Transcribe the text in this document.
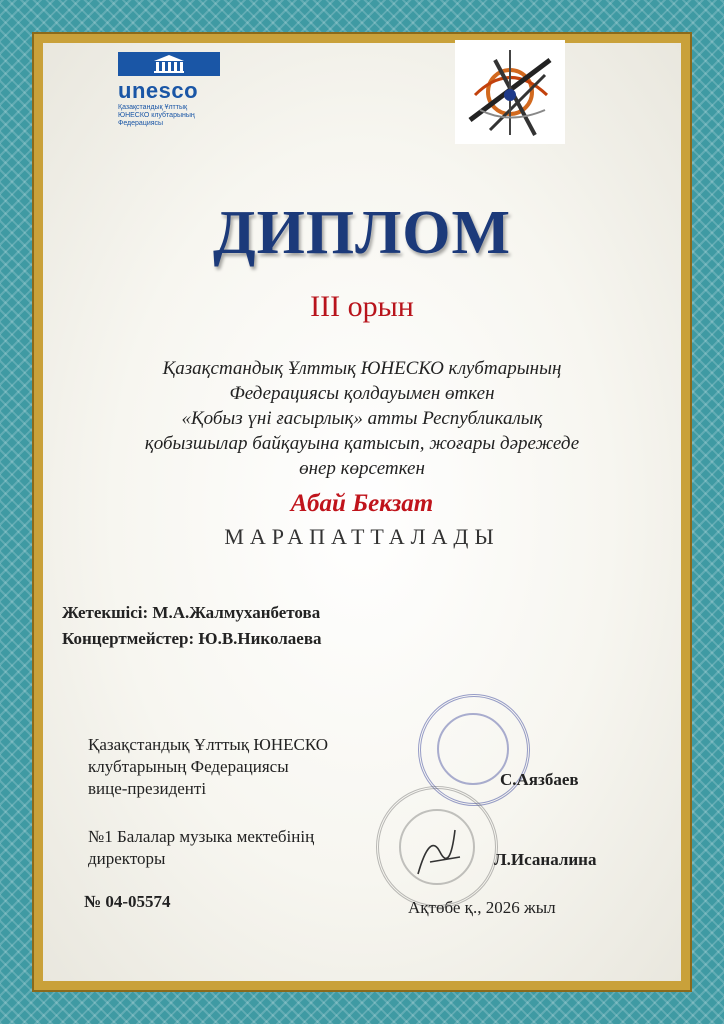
unesco
Қазақстандық Ұлттық
ЮНЕСКО клубтарының
Федерациясы
ДИПЛОМ
ІІІ орын
Қазақстандық Ұлттық ЮНЕСКО клубтарының
Федерациясы қолдауымен өткен
«Қобыз үні ғасырлық» атты Республикалық
қобызшылар байқауына қатысып, жоғары дәрежеде
өнер көрсеткен
Абай Бекзат
МАРАПАТТАЛАДЫ
Жетекшісі: М.А.Жалмуханбетова
Концертмейстер: Ю.В.Николаева
Қазақстандық Ұлттық ЮНЕСКО
клубтарының Федерациясы
вице-президенті	С.Аязбаев
№1 Балалар музыка мектебінің
директоры	Л.Исаналина
№ 04-05574	Ақтөбе қ., 2026 жыл
